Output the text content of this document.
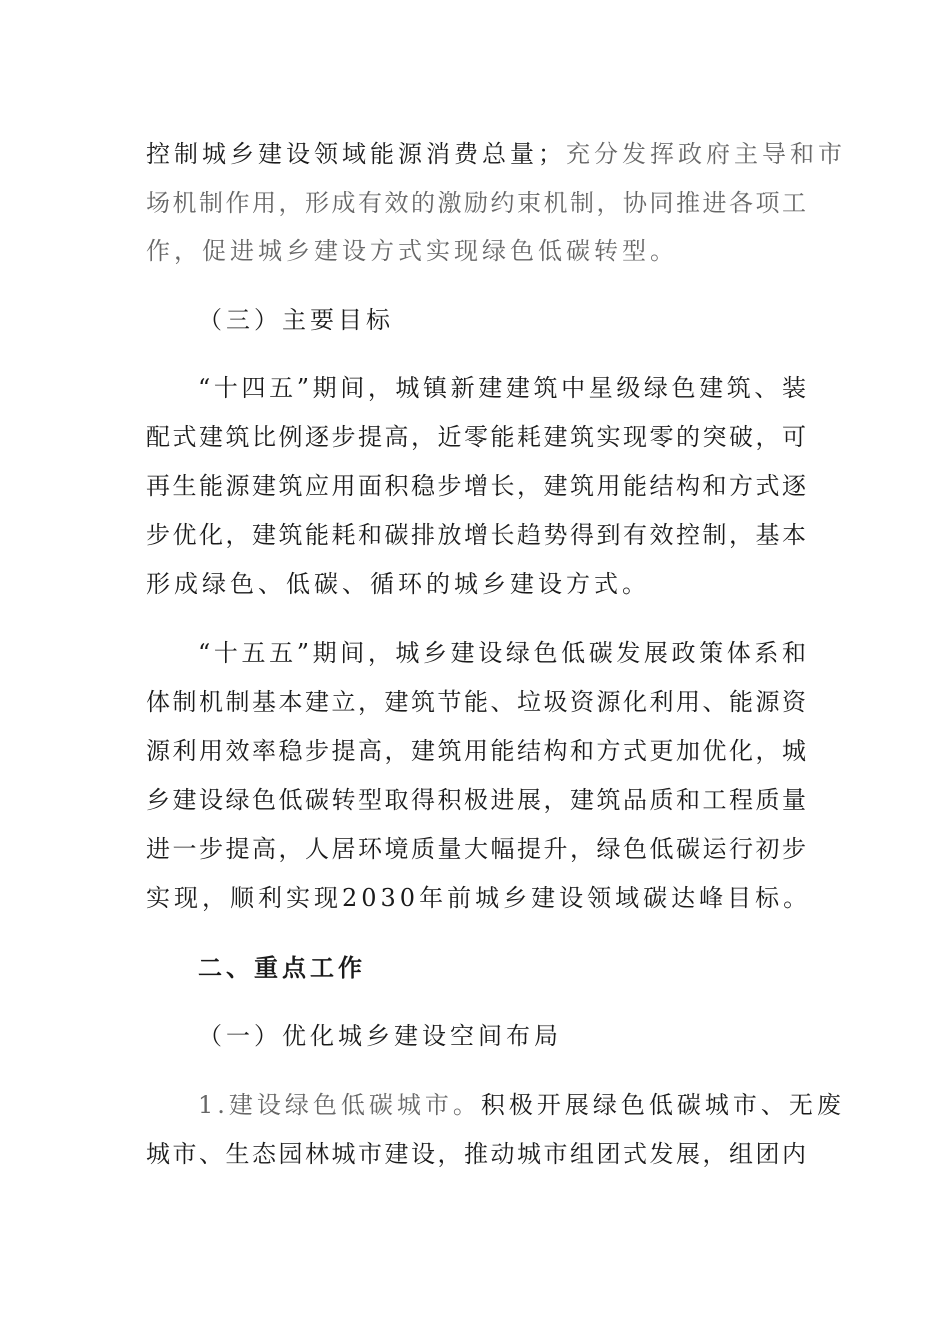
控制城乡建设领域能源消费总量；充分发挥政府主导和市
场机制作用，形成有效的激励约束机制，协同推进各项工
作，促进城乡建设方式实现绿色低碳转型。
（三）主要目标
“十四五”期间，城镇新建建筑中星级绿色建筑、装
配式建筑比例逐步提高，近零能耗建筑实现零的突破，可
再生能源建筑应用面积稳步增长，建筑用能结构和方式逐
步优化，建筑能耗和碳排放增长趋势得到有效控制，基本
形成绿色、低碳、循环的城乡建设方式。
“十五五”期间，城乡建设绿色低碳发展政策体系和
体制机制基本建立，建筑节能、垃圾资源化利用、能源资
源利用效率稳步提高，建筑用能结构和方式更加优化，城
乡建设绿色低碳转型取得积极进展，建筑品质和工程质量
进一步提高，人居环境质量大幅提升，绿色低碳运行初步
实现，顺利实现2030年前城乡建设领域碳达峰目标。
二、重点工作
（一）优化城乡建设空间布局
1.建设绿色低碳城市。积极开展绿色低碳城市、无废
城市、生态园林城市建设，推动城市组团式发展，组团内
